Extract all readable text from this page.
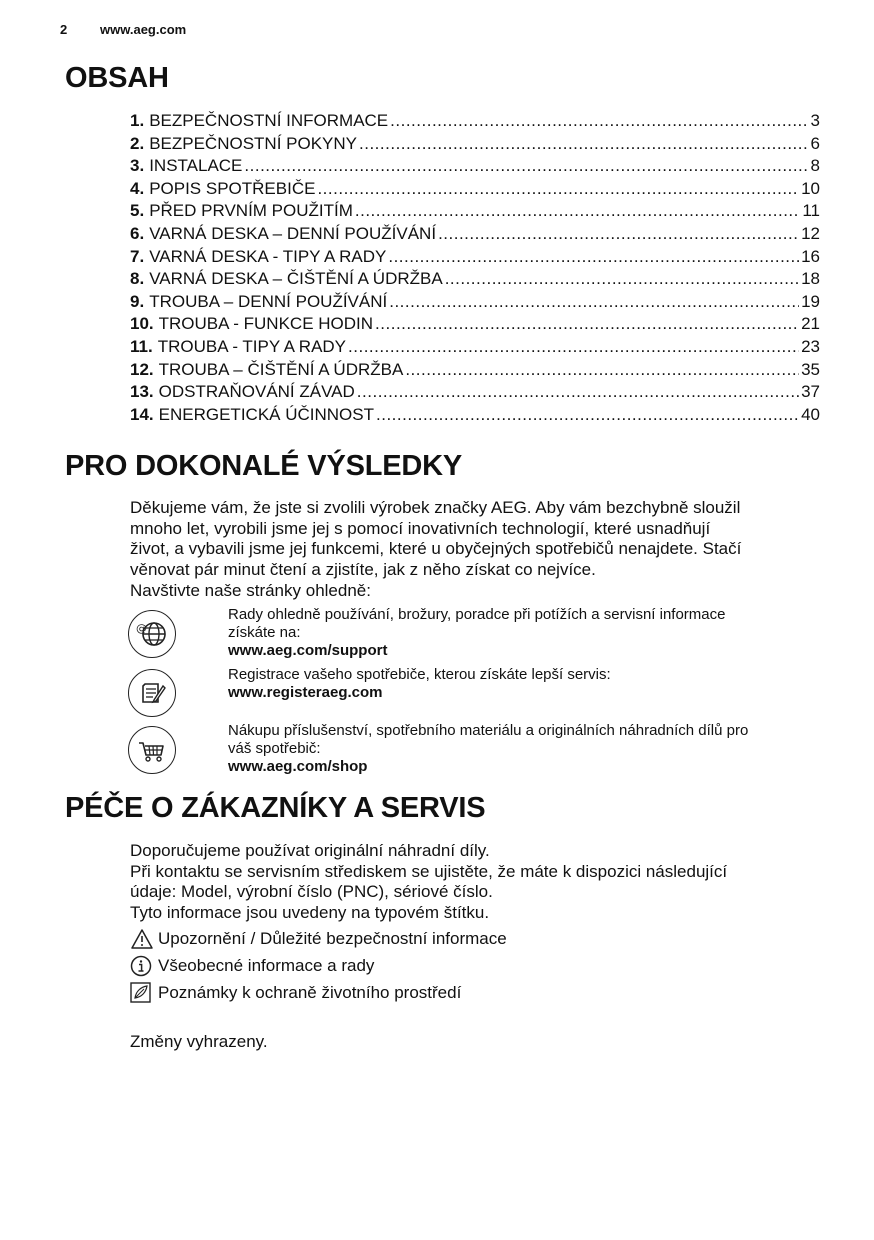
2	www.aeg.com
OBSAH
1. BEZPEČNOSTNÍ INFORMACE .....	3
2. BEZPEČNOSTNÍ POKYNY .....	6
3. INSTALACE .....	8
4. POPIS SPOTŘEBIČE .....	10
5. PŘED PRVNÍM POUŽITÍM .....	11
6. VARNÁ DESKA – DENNÍ POUŽÍVÁNÍ .....	12
7. VARNÁ DESKA - TIPY A RADY .....	16
8. VARNÁ DESKA – ČIŠTĚNÍ A ÚDRŽBA .....	18
9. TROUBA – DENNÍ POUŽÍVÁNÍ .....	19
10. TROUBA - FUNKCE HODIN .....	21
11. TROUBA - TIPY A RADY .....	23
12. TROUBA – ČIŠTĚNÍ A ÚDRŽBA .....	35
13. ODSTRAŇOVÁNÍ ZÁVAD .....	37
14. ENERGETICKÁ ÚČINNOST .....	40
PRO DOKONALÉ VÝSLEDKY

Děkujeme vám, že jste si zvolili výrobek značky AEG. Aby vám bezchybně sloužil

mnoho let, vyrobili jsme jej s pomocí inovativních technologií, které usnadňují

život, a vybavili jsme jej funkcemi, které u obyčejných spotřebičů nenajdete. Stačí

věnovat pár minut čtení a zjistíte, jak z něho získat co nejvíce.

Navštivte naše stránky ohledně:

@
Rady ohledně používání, brožury, poradce při potížích a servisní informace
získáte na:
www.aeg.com/support
Registrace vašeho spotřebiče, kterou získáte lepší servis:
www.registeraeg.com
Nákupu příslušenství, spotřebního materiálu a originálních náhradních dílů pro
váš spotřebič:
www.aeg.com/shop
PÉČE O ZÁKAZNÍKY A SERVIS

Doporučujeme používat originální náhradní díly.

Při kontaktu se servisním střediskem se ujistěte, že máte k dispozici následující

údaje: Model, výrobní číslo (PNC), sériové číslo.

Tyto informace jsou uvedeny na typovém štítku.

Upozornění / Důležité bezpečnostní informace
Všeobecné informace a rady
Poznámky k ochraně životního prostředí
Změny vyhrazeny.
